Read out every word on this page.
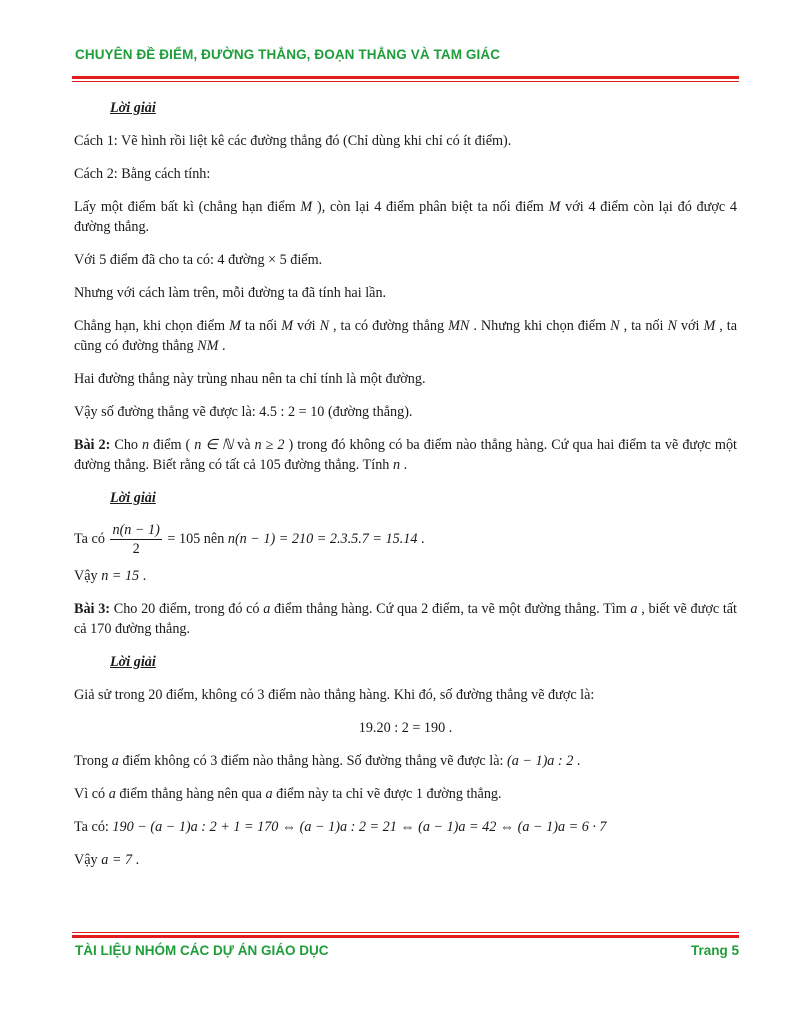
CHUYÊN ĐỀ ĐIỂM, ĐƯỜNG THẲNG, ĐOẠN THẲNG VÀ TAM GIÁC

Lời giải

Cách 1: Vẽ hình rồi liệt kê các đường thẳng đó (Chỉ dùng khi chỉ có ít điểm).

Cách 2: Bằng cách tính:

Lấy một điểm bất kì (chẳng hạn điểm M ), còn lại 4 điểm phân biệt ta nối điểm M với 4 điểm còn lại đó được 4 đường thẳng.

Với 5 điểm đã cho ta có: 4 đường × 5 điểm.

Nhưng với cách làm trên, mỗi đường ta đã tính hai lần.

Chẳng hạn, khi chọn điểm M ta nối M với N , ta có đường thẳng MN . Nhưng khi chọn điểm N , ta nối N với M , ta cũng có đường thẳng NM .

Hai đường thẳng này trùng nhau nên ta chỉ tính là một đường.

Vậy số đường thẳng vẽ được là: 4.5 : 2 = 10 (đường thẳng).

Bài 2: Cho n điểm ( n ∈ ℕ và n ≥ 2 ) trong đó không có ba điểm nào thẳng hàng. Cứ qua hai điểm ta vẽ được một đường thẳng. Biết rằng có tất cả 105 đường thẳng. Tính n .

Lời giải

Ta có $\frac{n(n - 1)}{2} = 105$ nên n(n − 1) = 210 = 2.3.5.7 = 15.14 .

Vậy n = 15 .

Bài 3: Cho 20 điểm, trong đó có a điểm thẳng hàng. Cứ qua 2 điểm, ta vẽ một đường thẳng. Tìm a , biết vẽ được tất cả 170 đường thẳng.

Lời giải

Giả sử trong 20 điểm, không có 3 điểm nào thẳng hàng. Khi đó, số đường thẳng vẽ được là:

19.20 : 2 = 190 .

Trong a điểm không có 3 điểm nào thẳng hàng. Số đường thẳng vẽ được là: (a − 1)a : 2 .

Vì có a điểm thẳng hàng nên qua a điểm này ta chỉ vẽ được 1 đường thẳng.

Ta có: 190 − (a − 1)a : 2 + 1 = 170 ⇔ (a − 1)a : 2 = 21 ⇔ (a − 1)a = 42 ⇔ (a − 1)a = 6 · 7

Vậy a = 7 .

TÀI LIỆU NHÓM CÁC DỰ ÁN GIÁO DỤC	Trang 5
